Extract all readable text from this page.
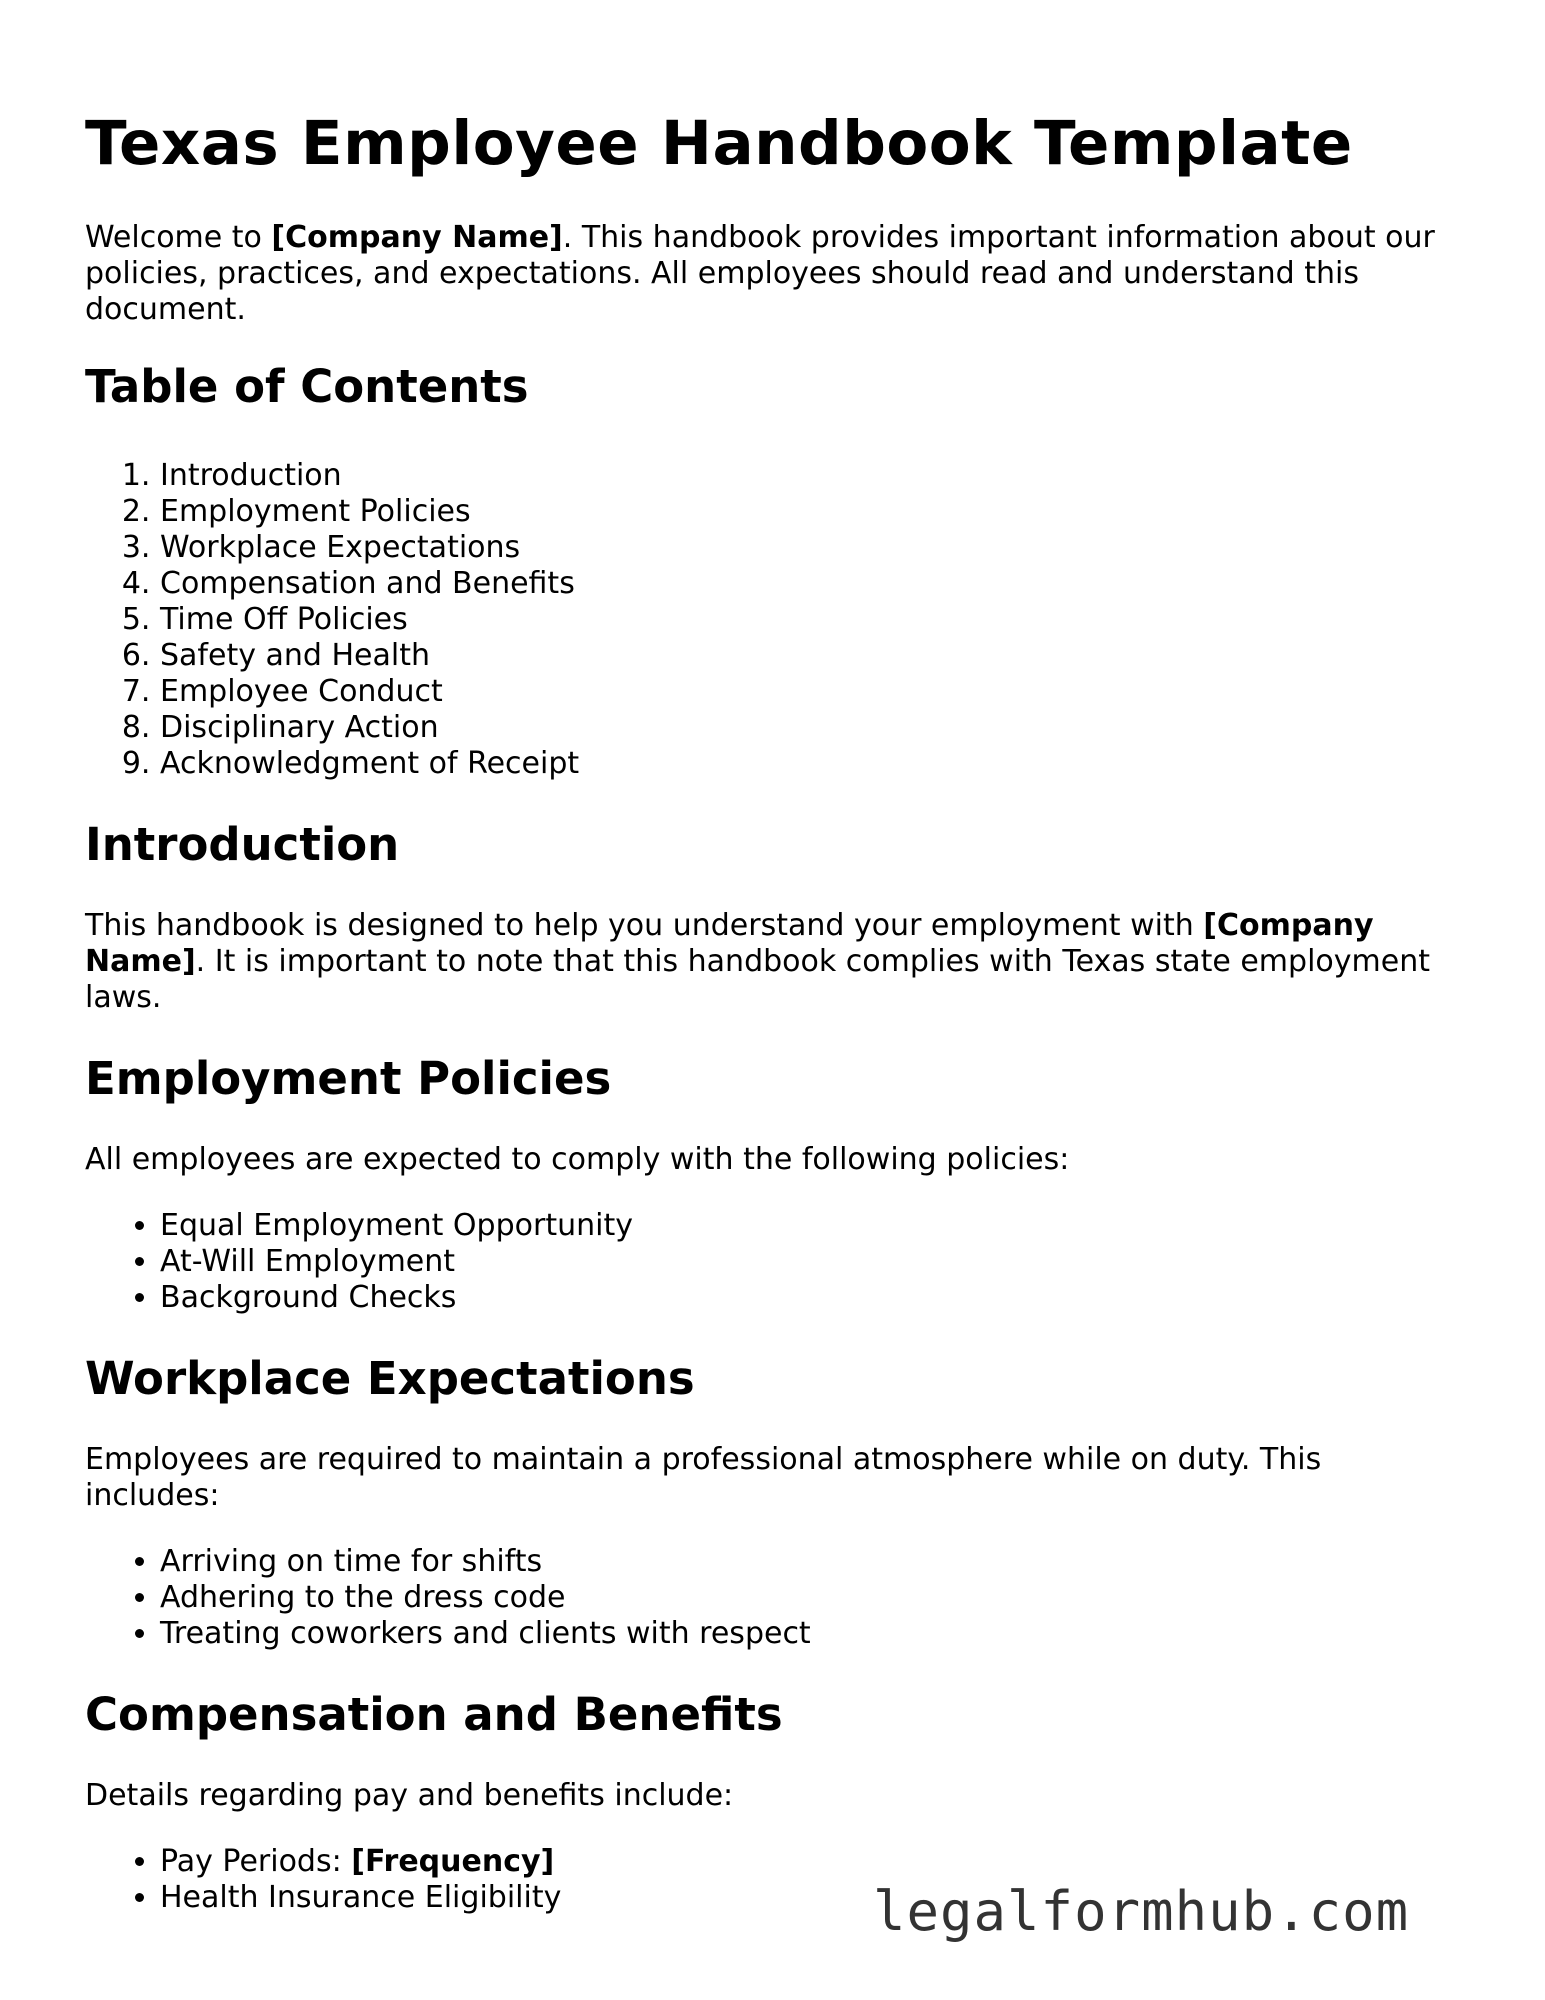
Texas Employee Handbook Template

Welcome to [Company Name]. This handbook provides important information about our policies, practices, and expectations. All employees should read and understand this document.

Table of Contents
1. Introduction
2. Employment Policies
3. Workplace Expectations
4. Compensation and Benefits
5. Time Off Policies
6. Safety and Health
7. Employee Conduct
8. Disciplinary Action
9. Acknowledgment of Receipt
Introduction

This handbook is designed to help you understand your employment with [Company Name]. It is important to note that this handbook complies with Texas state employment laws.

Employment Policies

All employees are expected to comply with the following policies:

• Equal Employment Opportunity
• At-Will Employment
• Background Checks
Workplace Expectations

Employees are required to maintain a professional atmosphere while on duty. This includes:

• Arriving on time for shifts
• Adhering to the dress code
• Treating coworkers and clients with respect
Compensation and Benefits

Details regarding pay and benefits include:

• Pay Periods: [Frequency]
• Health Insurance Eligibility	legalformhub.com
